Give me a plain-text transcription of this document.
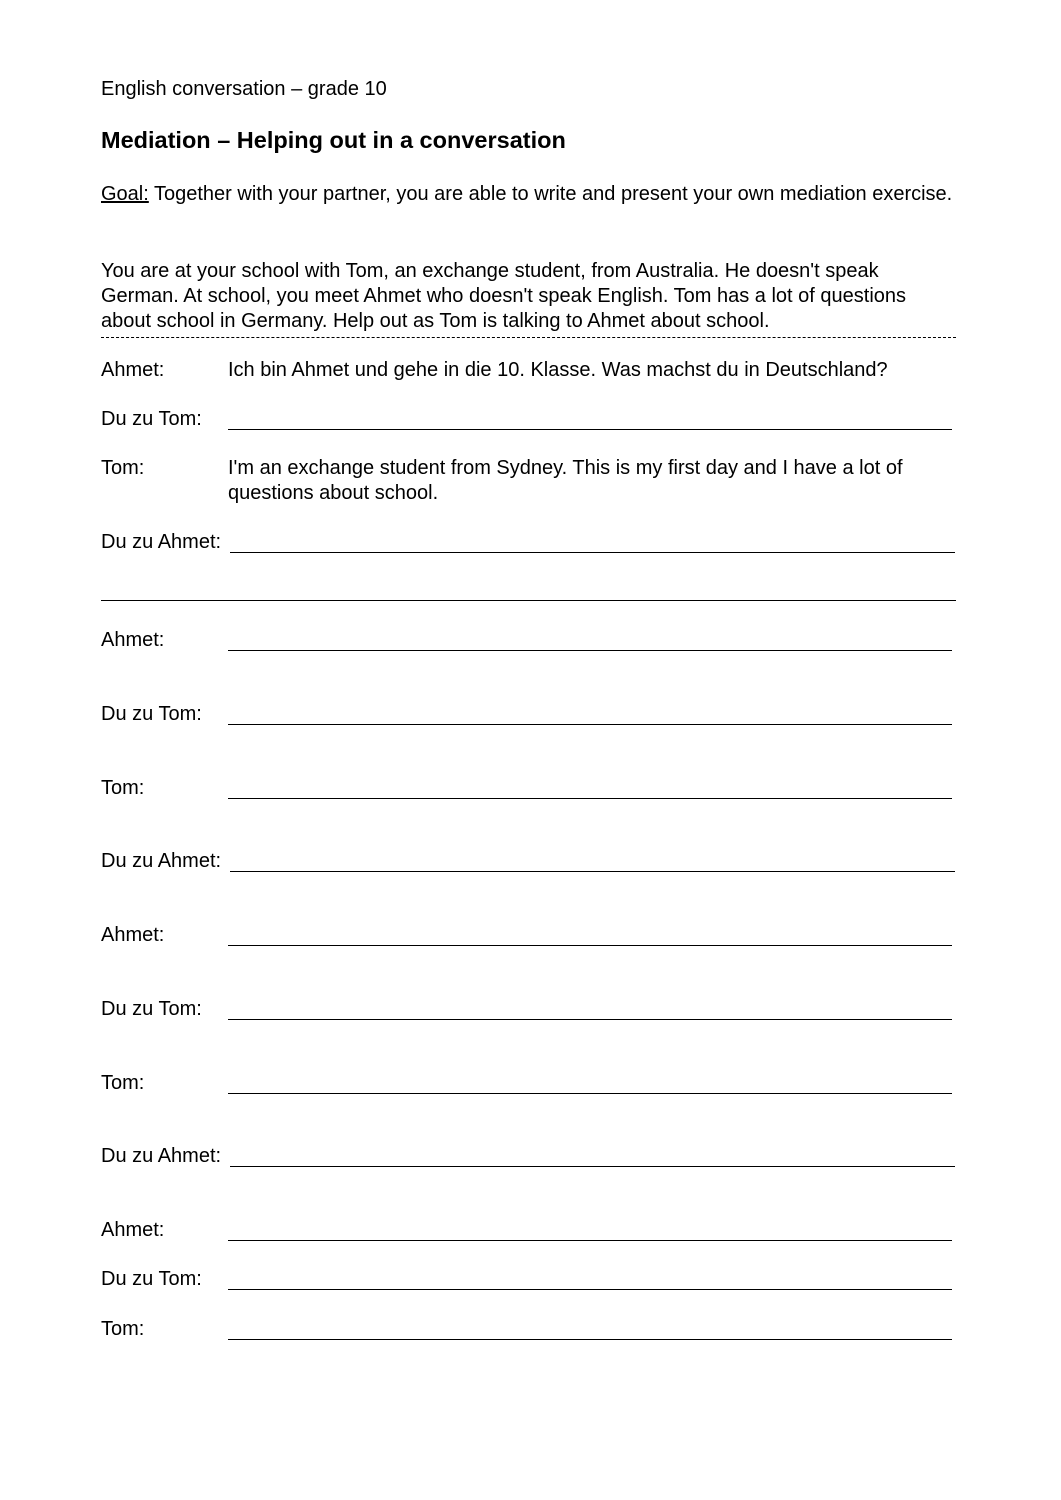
English conversation – grade 10
Mediation – Helping out in a conversation
Goal: Together with your partner, you are able to write and present your own mediation exercise.
You are at your school with Tom, an exchange student, from Australia. He doesn't speak German. At school, you meet Ahmet who doesn't speak English. Tom has a lot of questions about school in Germany. Help out as Tom is talking to Ahmet about school.
Ahmet:	Ich bin Ahmet und gehe in die 10. Klasse. Was machst du in Deutschland?
Du zu Tom:
Tom:	I'm an exchange student from Sydney. This is my first day and I have a lot of questions about school.
Du zu Ahmet:
Ahmet:
Du zu Tom:
Tom:
Du zu Ahmet:
Ahmet:
Du zu Tom:
Tom:
Du zu Ahmet:
Ahmet:
Du zu Tom:
Tom:
